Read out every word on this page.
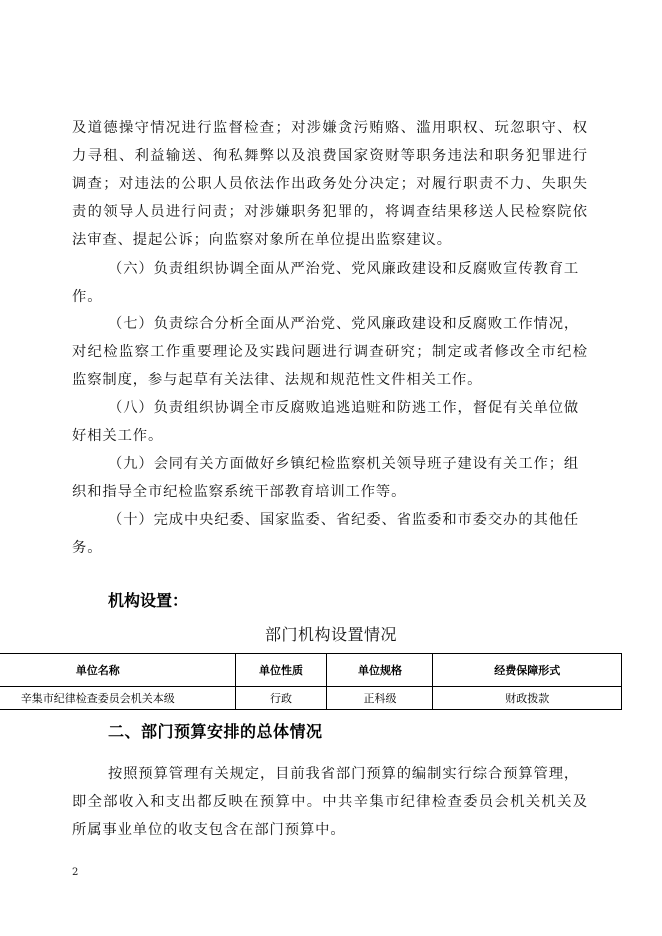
及道德操守情况进行监督检查；对涉嫌贪污贿赂、滥用职权、玩忽职守、权
力寻租、利益输送、徇私舞弊以及浪费国家资财等职务违法和职务犯罪进行
调查；对违法的公职人员依法作出政务处分决定；对履行职责不力、失职失
责的领导人员进行问责；对涉嫌职务犯罪的，将调查结果移送人民检察院依
法审查、提起公诉；向监察对象所在单位提出监察建议。
（六）负责组织协调全面从严治党、党风廉政建设和反腐败宣传教育工
作。
（七）负责综合分析全面从严治党、党风廉政建设和反腐败工作情况，
对纪检监察工作重要理论及实践问题进行调查研究；制定或者修改全市纪检
监察制度，参与起草有关法律、法规和规范性文件相关工作。
（八）负责组织协调全市反腐败追逃追赃和防逃工作，督促有关单位做
好相关工作。
（九）会同有关方面做好乡镇纪检监察机关领导班子建设有关工作；组
织和指导全市纪检监察系统干部教育培训工作等。
（十）完成中央纪委、国家监委、省纪委、省监委和市委交办的其他任
务。
机构设置：
部门机构设置情况
单位名称	单位性质	单位规格	经费保障形式
辛集市纪律检查委员会机关本级	行政	正科级	财政拨款
二、部门预算安排的总体情况
按照预算管理有关规定，目前我省部门预算的编制实行综合预算管理，
即全部收入和支出都反映在预算中。中共辛集市纪律检查委员会机关机关及
所属事业单位的收支包含在部门预算中。
2
